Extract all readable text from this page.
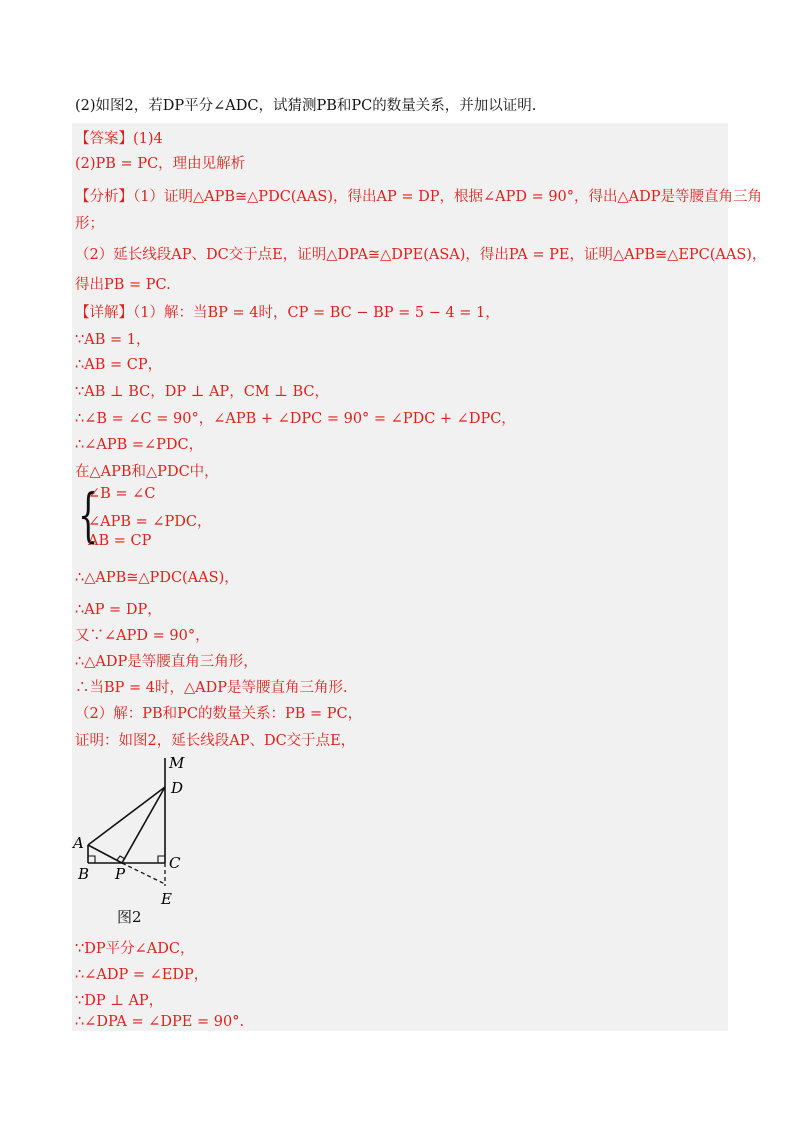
(2)如图2，若DP平分∠ADC，试猜测PB和PC的数量关系，并加以证明.
【答案】(1)4
(2)PB = PC，理由见解析
【分析】（1）证明△APB≅△PDC(AAS)，得出AP = DP，根据∠APD = 90°，得出△ADP是等腰直角三角
形；
（2）延长线段AP、DC交于点E，证明△DPA≅△DPE(ASA)，得出PA = PE，证明△APB≅△EPC(AAS)，
得出PB = PC.
【详解】（1）解：当BP = 4时，CP = BC − BP = 5 − 4 = 1，
∵AB = 1，
∴AB = CP，
∵AB ⊥ BC，DP ⊥ AP，CM ⊥ BC，
∴∠B = ∠C = 90°，∠APB + ∠DPC = 90° = ∠PDC + ∠DPC，
∴∠APB =∠PDC，
在△APB和△PDC中，
{
∠B = ∠C
∠APB = ∠PDC，
AB = CP
∴△APB≅△PDC(AAS)，
∴AP = DP，
又∵∠APD = 90°，
∴△ADP是等腰直角三角形，
∴当BP = 4时，△ADP是等腰直角三角形.
（2）解：PB和PC的数量关系：PB = PC，
证明：如图2，延长线段AP、DC交于点E，
M
D
A
B P
C
E
图2
∵DP平分∠ADC，
∴∠ADP = ∠EDP，
∵DP ⊥ AP，
∴∠DPA = ∠DPE = 90°.
